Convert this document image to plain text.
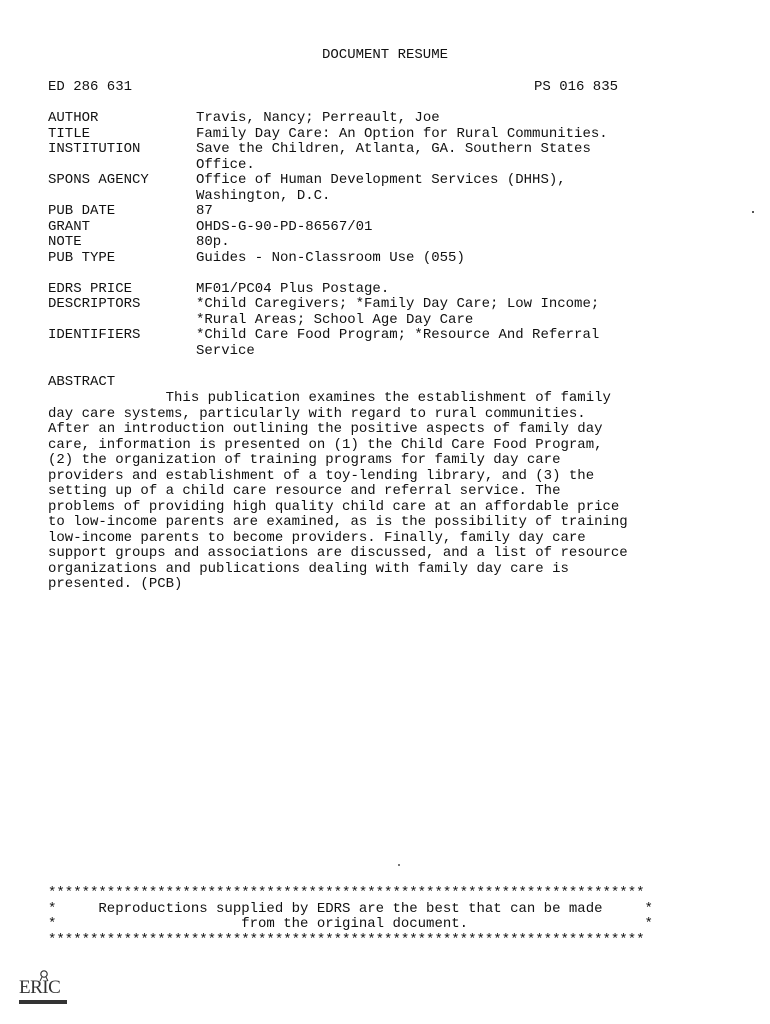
DOCUMENT RESUME
ED 286 631	PS 016 835
AUTHOR	Travis, Nancy; Perreault, Joe
TITLE	Family Day Care: An Option for Rural Communities.
INSTITUTION	Save the Children, Atlanta, GA. Southern States
Office.
SPONS AGENCY	Office of Human Development Services (DHHS),
Washington, D.C.
PUB DATE	87
GRANT	OHDS-G-90-PD-86567/01
NOTE	80p.
PUB TYPE	Guides - Non-Classroom Use (055)
EDRS PRICE	MF01/PC04 Plus Postage.
DESCRIPTORS	*Child Caregivers; *Family Day Care; Low Income;
*Rural Areas; School Age Day Care
IDENTIFIERS	*Child Care Food Program; *Resource And Referral
Service
ABSTRACT
This publication examines the establishment of family
day care systems, particularly with regard to rural communities.
After an introduction outlining the positive aspects of family day
care, information is presented on (1) the Child Care Food Program,
(2) the organization of training programs for family day care
providers and establishment of a toy-lending library, and (3) the
setting up of a child care resource and referral service. The
problems of providing high quality child care at an affordable price
to low-income parents are examined, as is the possibility of training
low-income parents to become providers. Finally, family day care
support groups and associations are discussed, and a list of resource
organizations and publications dealing with family day care is
presented. (PCB)
***********************************************************************
*     Reproductions supplied by EDRS are the best that can be made     *
*                      from the original document.                     *
***********************************************************************
ERIC
